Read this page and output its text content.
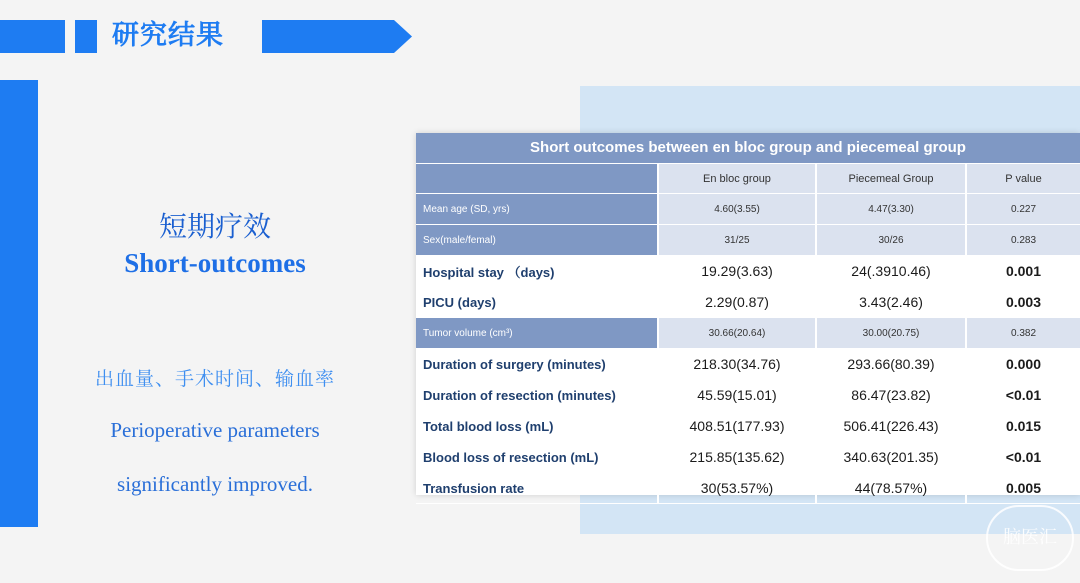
研究结果
短期疗效
Short-outcomes
出血量、手术时间、输血率
Perioperative parameters
significantly improved.
Short outcomes between en bloc group and piecemeal group
	En bloc group	Piecemeal Group	P value
Mean age (SD, yrs)	4.60(3.55)	4.47(3.30)	0.227
Sex(male/femal)	31/25	30/26	0.283
Hospital stay （days)	19.29(3.63)	24(.3910.46)	0.001
PICU (days)	2.29(0.87)	3.43(2.46)	0.003
Tumor volume (cm³)	30.66(20.64)	30.00(20.75)	0.382
Duration of surgery (minutes)	218.30(34.76)	293.66(80.39)	0.000
Duration of resection (minutes)	45.59(15.01)	86.47(23.82)	<0.01
Total blood loss (mL)	408.51(177.93)	506.41(226.43)	0.015
Blood loss of resection (mL)	215.85(135.62)	340.63(201.35)	<0.01
Transfusion rate	30(53.57%)	44(78.57%)	0.005
脑医汇
